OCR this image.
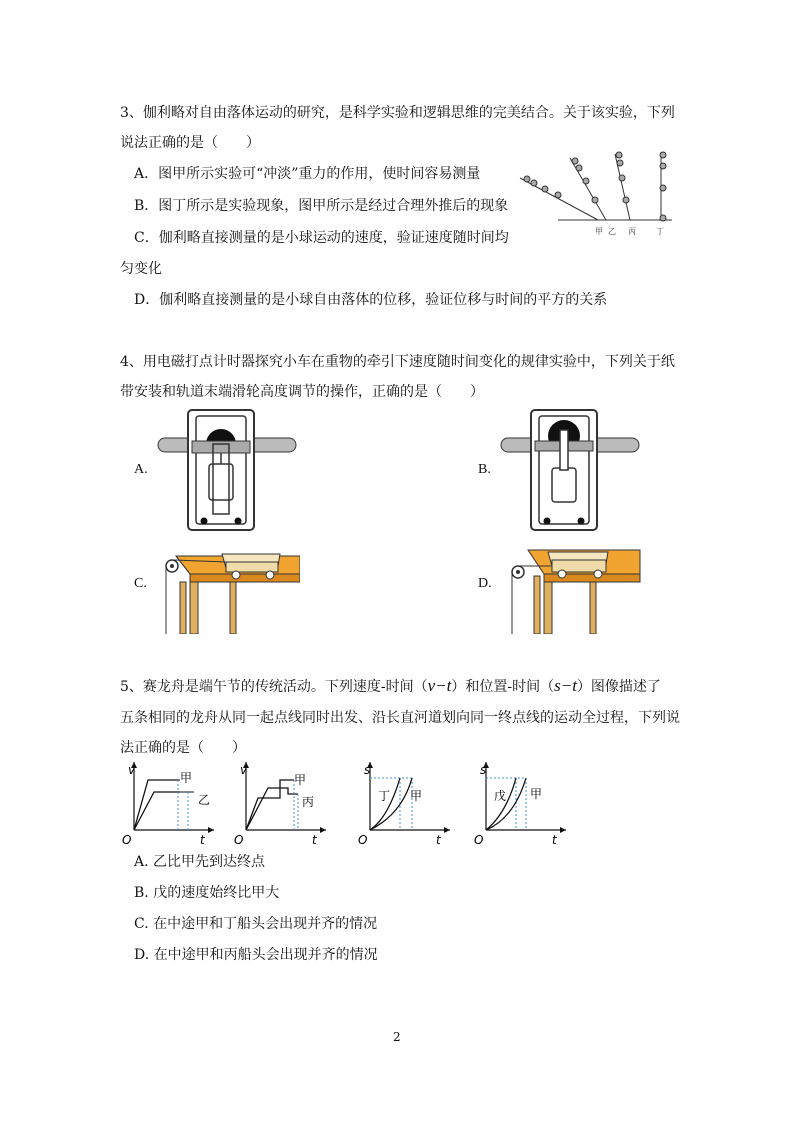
3、伽利略对自由落体运动的研究，是科学实验和逻辑思维的完美结合。关于该实验，下列
说法正确的是（　　）
A．图甲所示实验可“冲淡”重力的作用，使时间容易测量
B．图丁所示是实验现象，图甲所示是经过合理外推后的现象
C．伽利略直接测量的是小球运动的速度，验证速度随时间均
匀变化
D．伽利略直接测量的是小球自由落体的位移，验证位移与时间的平方的关系
甲 乙 丙	丁
4、用电磁打点计时器探究小车在重物的牵引下速度随时间变化的规律实验中，下列关于纸
带安装和轨道末端滑轮高度调节的操作，正确的是（　　）
A.	B.
C.	D.
5、赛龙舟是端午节的传统活动。下列速度-时间（v−t）和位置-时间（s−t）图像描述了
五条相同的龙舟从同一起点线同时出发、沿长直河道划向同一终点线的运动全过程，下列说
法正确的是（　　）
v
t
O
甲
乙
v
t
O
甲
丙
s
t
O
丁 甲
s
t
O
戊 甲
A. 乙比甲先到达终点
B. 戊的速度始终比甲大
C. 在中途甲和丁船头会出现并齐的情况
D. 在中途甲和丙船头会出现并齐的情况
2
